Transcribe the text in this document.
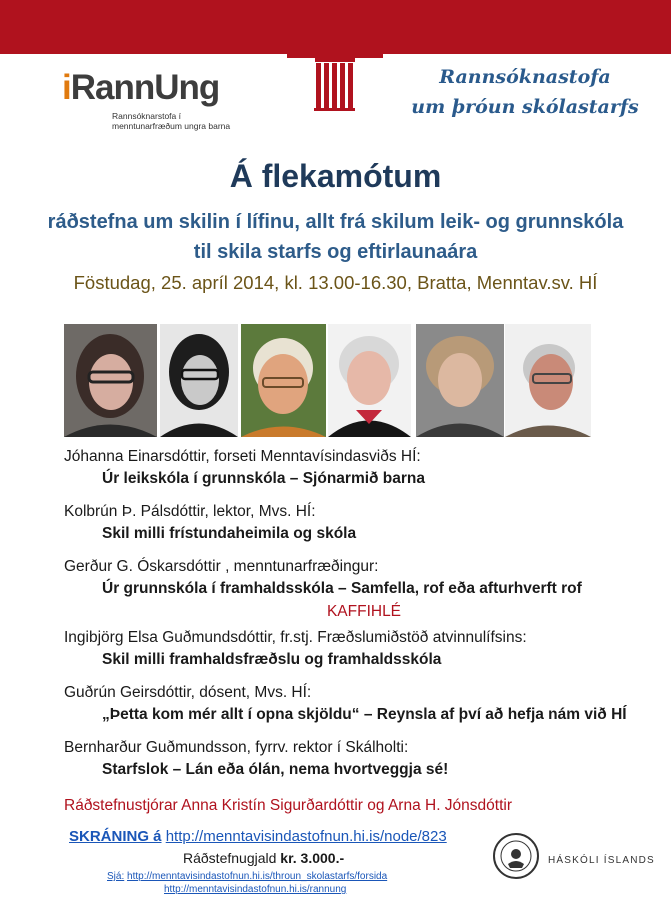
iRannUng
Rannsóknarstofa í
menntunarfræðum ungra barna
Rannsóknastofa
um þróun skólastarfs
Á flekamótum
ráðstefna um skilin í lífinu, allt frá skilum leik- og grunnskóla
til skila starfs og eftirlaunaára
Föstudag, 25. apríl 2014, kl. 13.00-16.30, Bratta, Menntav.sv. HÍ
Jóhanna Einarsdóttir, forseti Menntavísindasviðs HÍ:
Úr leikskóla í grunnskóla – Sjónarmið barna
Kolbrún Þ. Pálsdóttir, lektor, Mvs. HÍ:
Skil milli frístundaheimila og skóla
Gerður G. Óskarsdóttir , menntunarfræðingur:
Úr grunnskóla í framhaldsskóla – Samfella, rof eða afturhverft rof
KAFFIHLÉ
Ingibjörg Elsa Guðmundsdóttir, fr.stj. Fræðslumiðstöð atvinnulífsins:
Skil milli framhaldsfræðslu og framhaldsskóla
Guðrún Geirsdóttir, dósent, Mvs. HÍ:
„Þetta kom mér allt í opna skjöldu“ – Reynsla af því að hefja nám við HÍ
Bernharður Guðmundsson, fyrrv. rektor í Skálholti:
Starfslok – Lán eða ólán, nema hvortveggja sé!
Ráðstefnustjórar Anna Kristín Sigurðardóttir og Arna H. Jónsdóttir
SKRÁNING á http://menntavisindastofnun.hi.is/node/823
Ráðstefnugjald kr. 3.000.-
Sjá: http://menntavisindastofnun.hi.is/throun_skolastarfs/forsida
http://menntavisindastofnun.hi.is/rannung
HÁSKÓLI ÍSLANDS
